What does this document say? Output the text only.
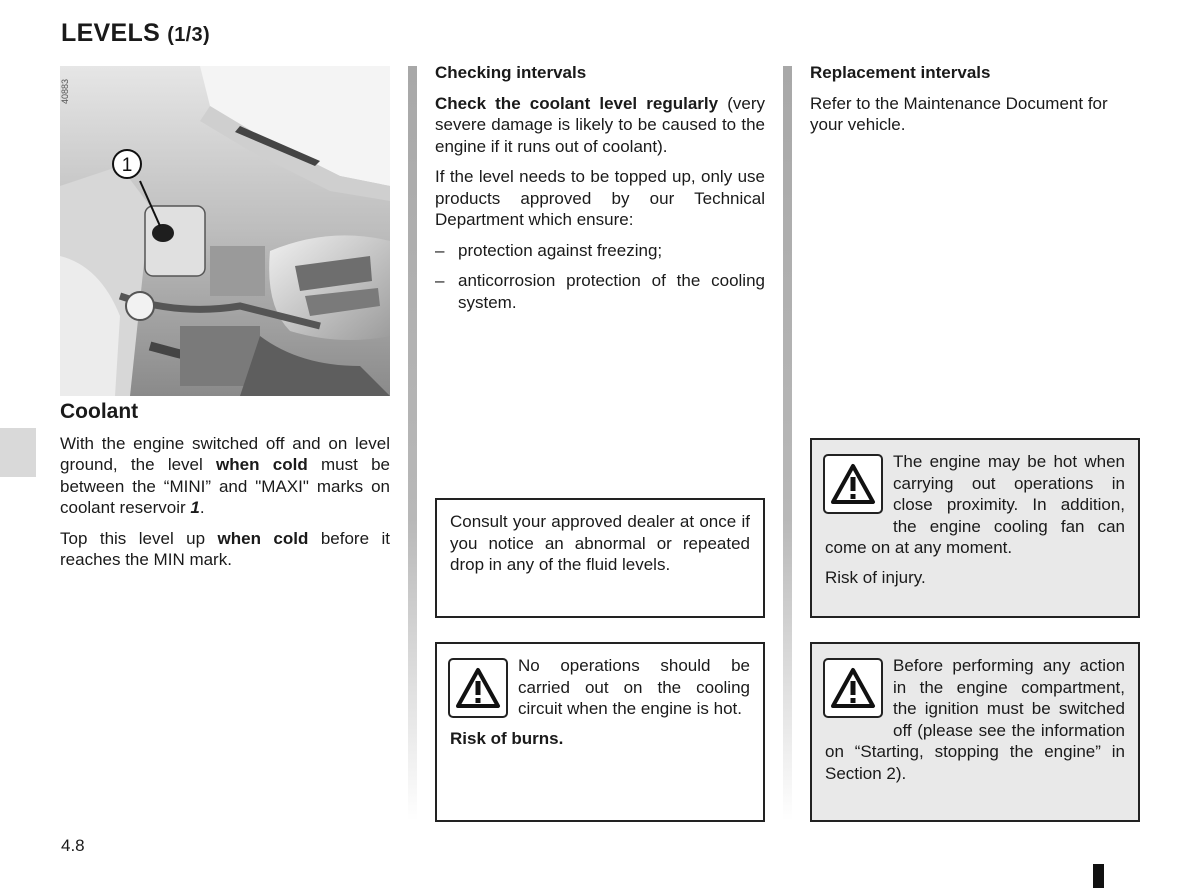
LEVELS (1/3)
1
40883
Coolant

With the engine switched off and on level ground, the level when cold must be between the “MINI” and "MAXI" marks on coolant reservoir 1.

Top this level up when cold before it reaches the MIN mark.

Checking intervals

Check the coolant level regularly (very severe damage is likely to be caused to the engine if it runs out of coolant).

If the level needs to be topped up, only use products approved by our Technical Department which ensure:

– protection against freezing;
– anticorrosion protection of the cooling system.
Replacement intervals

Refer to the Maintenance Document for your vehicle.

Consult your approved dealer at once if you notice an abnormal or repeated drop in any of the fluid levels.

No operations should be carried out on the cooling circuit when the engine is hot.

Risk of burns.

The engine may be hot when carrying out operations in close proximity. In addition, the engine cooling fan can come on at any moment.

Risk of injury.

Before performing any action in the engine compartment, the ignition must be switched off (please see the information on “Starting, stopping the engine” in Section 2).

4.8
